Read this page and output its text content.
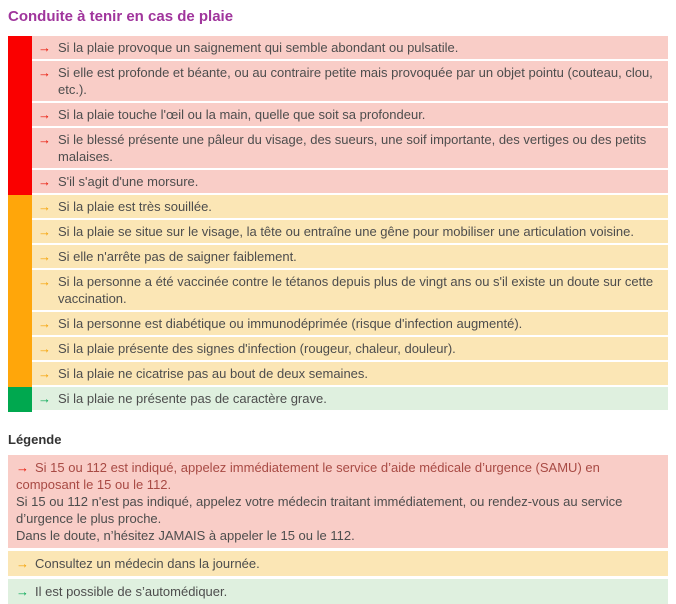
Conduite à tenir en cas de plaie
→ Si la plaie provoque un saignement qui semble abondant ou pulsatile.
→ Si elle est profonde et béante, ou au contraire petite mais provoquée par un objet pointu (couteau, clou, etc.).
→ Si la plaie touche l'œil ou la main, quelle que soit sa profondeur.
→ Si le blessé présente une pâleur du visage, des sueurs, une soif importante, des vertiges ou des petits malaises.
→ S'il s'agit d'une morsure.
→ Si la plaie est très souillée.
→ Si la plaie se situe sur le visage, la tête ou entraîne une gêne pour mobiliser une articulation voisine.
→ Si elle n'arrête pas de saigner faiblement.
→ Si la personne a été vaccinée contre le tétanos depuis plus de vingt ans ou s'il existe un doute sur cette vaccination.
→ Si la personne est diabétique ou immunodéprimée (risque d'infection augmenté).
→ Si la plaie présente des signes d'infection (rougeur, chaleur, douleur).
→ Si la plaie ne cicatrise pas au bout de deux semaines.
→ Si la plaie ne présente pas de caractère grave.
Légende
→ Si 15 ou 112 est indiqué, appelez immédiatement le service d’aide médicale d’urgence (SAMU) en composant le 15 ou le 112.
Si 15 ou 112 n'est pas indiqué, appelez votre médecin traitant immédiatement, ou rendez-vous au service d’urgence le plus proche.
Dans le doute, n’hésitez JAMAIS à appeler le 15 ou le 112.
→ Consultez un médecin dans la journée.
→ Il est possible de s’automédiquer.
